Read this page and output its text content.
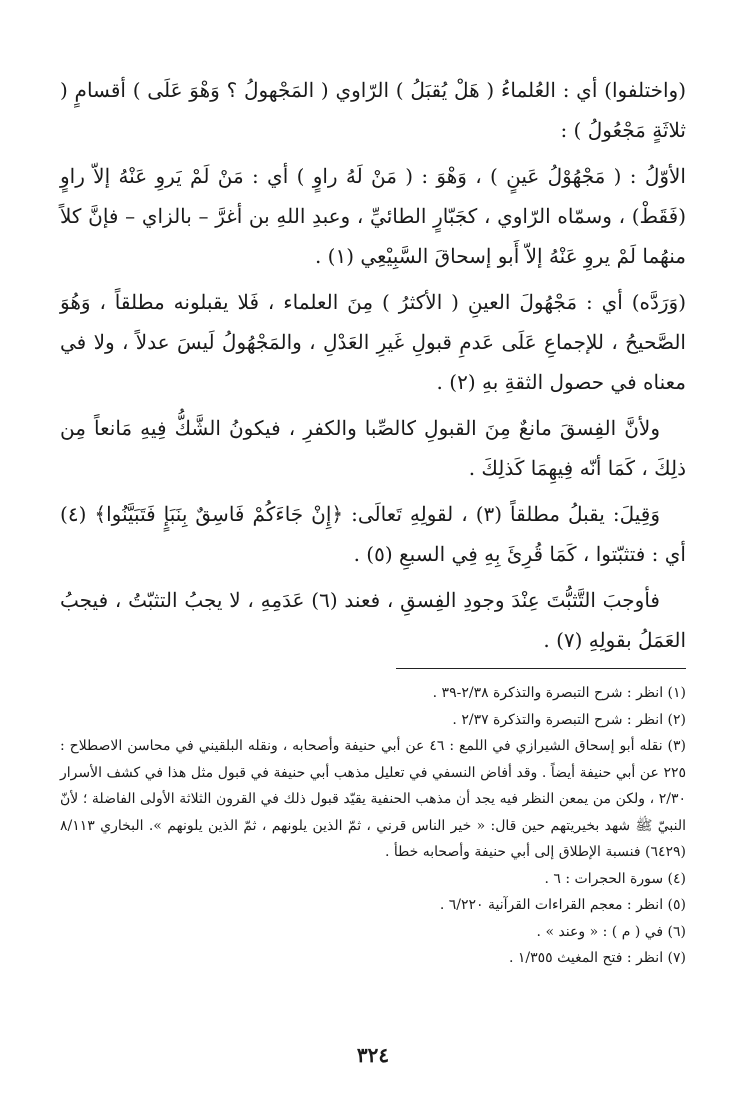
(واختلفوا) أي : العُلماءُ ( هَلْ يُقبَلُ ) الرّاوي ( المَجْهولُ ؟ وَهْوَ عَلَى ) أقسامٍ ( ثلاثَةٍ مَجْعُولُ ) :

الأوّلُ : ( مَجْهُوْلُ عَينٍ ) ، وَهْوَ : ( مَنْ لَهُ راوٍ ) أي : مَنْ لَمْ يَروِ عَنْهُ إلاّ راوٍ (فَقَطْ) ، وسمّاه الرّاوي ، كجَبّارٍ الطائيِّ ، وعبدِ اللهِ بن أغرَّ – بالزاي – فإنَّ كلاً منهُما لَمْ يروِ عَنْهُ إلاّ أَبو إسحاقَ السَّبِيْعِي (١) .

(وَرَدَّه) أي : مَجْهُولَ العينِ ( الأكثرُ ) مِنَ العلماء ، فَلا يقبلونه مطلقاً ، وَهُوَ الصَّحيحُ ، للإجماعِ عَلَى عَدمِ قبولِ غَيرِ العَدْلِ ، والمَجْهُولُ لَيسَ عدلاً ، ولا في معناه في حصول الثقةِ بهِ (٢) .

ولأنَّ الفِسقَ مانعٌ مِنَ القبولِ كالصِّبا والكفرِ ، فيكونُ الشَّكُّ فِيهِ مَانعاً مِن ذلِكَ ، كَمَا أنّه فِيهِمَا كَذلِكَ .

وَقِيلَ: يقبلُ مطلقاً (٣) ، لقولِهِ تَعالَى: ﴿إِنْ جَاءَكُمْ فَاسِقٌ بِنَبَإٍ فَتَبَيَّنُوا﴾ (٤) أي : فتثبّتوا ، كَمَا قُرِئَ بِهِ فِي السبعِ (٥) .

فأوجبَ التَّثبُّتَ عِنْدَ وجودِ الفِسقِ ، فعند (٦) عَدَمِهِ ، لا يجبُ التثبّتُ ، فيجبُ العَمَلُ بقولِهِ (٧) .

(١) انظر : شرح التبصرة والتذكرة ٢/٣٨-٣٩ .

(٢) انظر : شرح التبصرة والتذكرة ٢/٣٧ .

(٣) نقله أبو إسحاق الشيرازي في اللمع : ٤٦ عن أبي حنيفة وأصحابه ، ونقله البلقيني في محاسن الاصطلاح : ٢٢٥ عن أبي حنيفة أيضاً . وقد أفاض النسفي في تعليل مذهب أبي حنيفة في قبول مثل هذا في كشف الأسرار ٢/٣٠ ، ولكن من يمعن النظر فيه يجد أن مذهب الحنفية يقيّد قبول ذلك في القرون الثلاثة الأولى الفاضلة ؛ لأنّ النبيّ ﷺ شهد بخيريتهم حين قال: « خير الناس قرني ، ثمّ الذين يلونهم ، ثمّ الذين يلونهم ». البخاري ٨/١١٣ (٦٤٢٩) فنسبة الإطلاق إلى أبي حنيفة وأصحابه خطأ .

(٤) سورة الحجرات : ٦ .

(٥) انظر : معجم القراءات القرآنية ٦/٢٢٠ .

(٦) في ( م ) : « وعند » .

(٧) انظر : فتح المغيث ١/٣٥٥ .

٣٢٤
